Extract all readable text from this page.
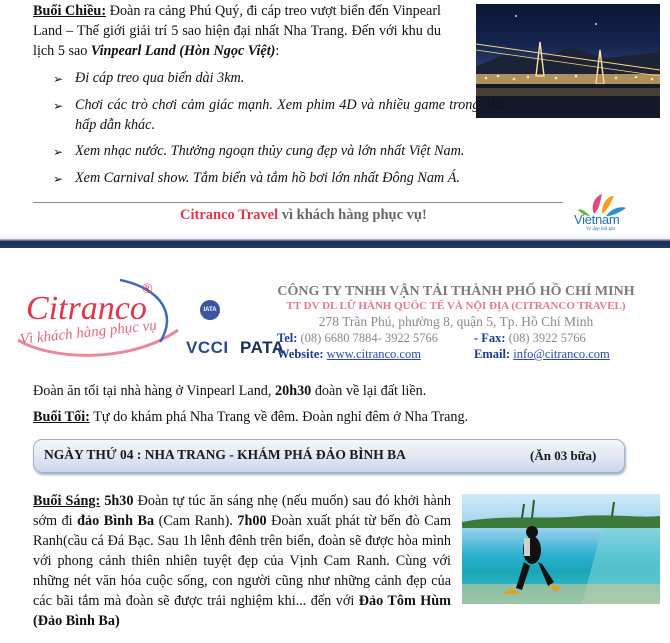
Buổi Chiều: Đoàn ra cảng Phú Quý, đi cáp treo vượt biển đến Vinpearl Land – Thế giới giải trí 5 sao hiện đại nhất Nha Trang. Đến với khu du lịch 5 sao Vinpearl Land (Hòn Ngọc Việt):
➢ Đi cáp treo qua biển dài 3km.
➢ Chơi các trò chơi cảm giác mạnh. Xem phim 4D và nhiều game trong nhà hấp dẫn khác.
➢ Xem nhạc nước. Thưởng ngoạn thủy cung đẹp và lớn nhất Việt Nam.
➢ Xem Carnival show. Tắm biển và tắm hồ bơi lớn nhất Đông Nam Á.
Citranco Travel vì khách hàng phục vụ!	Vietnam
Vẻ đẹp bất tận
Citranco
®
Vì khách hàng phục vụ
IATA
VCCI PATA
CÔNG TY TNHH VẬN TẢI THÀNH PHỐ HỒ CHÍ MINH
TT DV DL LỮ HÀNH QUỐC TẾ VÀ NỘI ĐỊA (CITRANCO TRAVEL)
278 Trần Phú, phường 8, quận 5, Tp. Hồ Chí Minh
Tel: (08) 6680 7884- 3922 5766	- Fax: (08) 3922 5766
Website: www.citranco.com	Email: info@citranco.com
Đoàn ăn tối tại nhà hàng ở Vinpearl Land, 20h30 đoàn về lại đất liền.
Buổi Tối: Tự do khám phá Nha Trang về đêm. Đoàn nghỉ đêm ở Nha Trang.
NGÀY THỨ 04 : NHA TRANG - KHÁM PHÁ ĐẢO BÌNH BA	(Ăn 03 bữa)
Buổi Sáng: 5h30 Đoàn tự túc ăn sáng nhẹ (nếu muốn) sau đó khởi hành sớm đi đảo Bình Ba (Cam Ranh). 7h00 Đoàn xuất phát từ bến đò Cam Ranh(cầu cá Đá Bạc. Sau 1h lênh đênh trên biển, đoàn sẽ được hòa mình với phong cảnh thiên nhiên tuyệt đẹp của Vịnh Cam Ranh. Cùng với những nét văn hóa cuộc sống, con người cũng như những cảnh đẹp của các bãi tắm mà đoàn sẽ được trải nghiệm khi... đến với Đảo Tôm Hùm (Đảo Bình Ba)
